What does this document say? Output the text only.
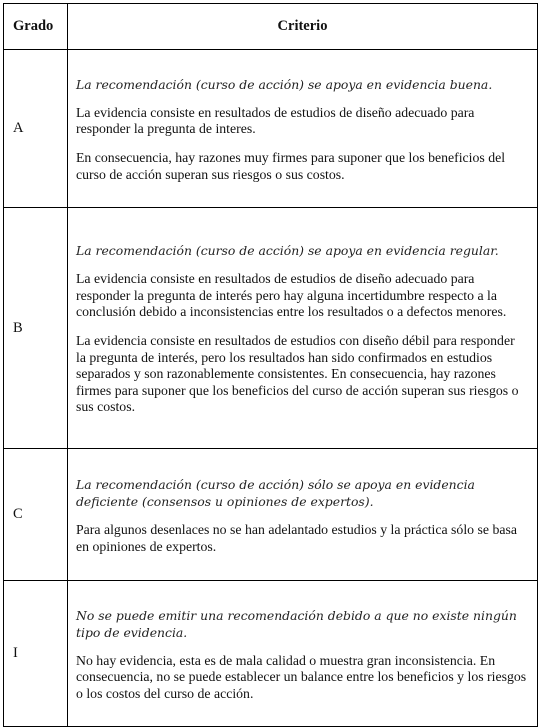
Grado	Criterio
A	La recomendación (curso de acción) se apoya en evidencia buena.

La evidencia consiste en resultados de estudios de diseño adecuado para responder la pregunta de interes.

En consecuencia, hay razones muy firmes para suponer que los beneficios del curso de acción superan sus riesgos o sus costos.

B	La recomendación (curso de acción) se apoya en evidencia regular.

La evidencia consiste en resultados de estudios de diseño adecuado para responder la pregunta de interés pero hay alguna incertidumbre respecto a la conclusión debido a inconsistencias entre los resultados o a defectos menores.

La evidencia consiste en resultados de estudios con diseño débil para responder la pregunta de interés, pero los resultados han sido confirmados en estudios separados y son razonablemente consistentes. En consecuencia, hay razones firmes para suponer que los beneficios del curso de acción superan sus riesgos o sus costos.

C	La recomendación (curso de acción) sólo se apoya en evidencia deficiente (consensos u opiniones de expertos).

Para algunos desenlaces no se han adelantado estudios y la práctica sólo se basa en opiniones de expertos.

I	No se puede emitir una recomendación debido a que no existe ningún tipo de evidencia.

No hay evidencia, esta es de mala calidad o muestra gran inconsistencia. En consecuencia, no se puede establecer un balance entre los beneficios y los riesgos o los costos del curso de acción.
